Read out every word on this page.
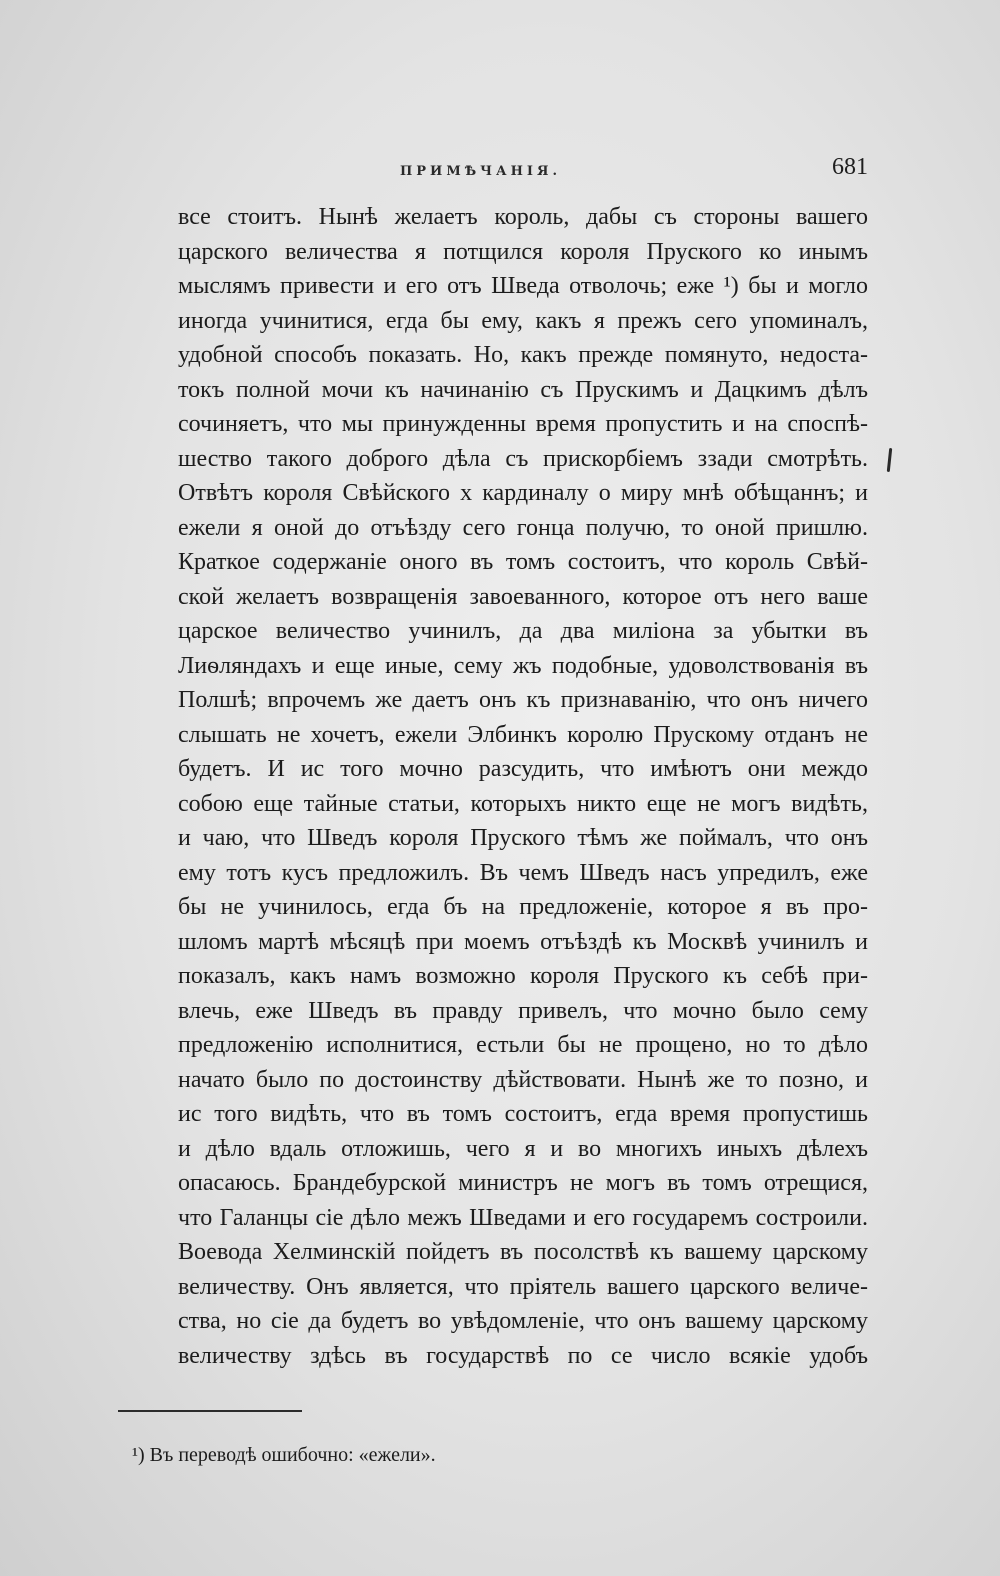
ПРИМѢЧАНІЯ.	681
все стоитъ. Нынѣ желаетъ король, дабы съ стороны вашего
царского величества я потщился короля Пруского ко инымъ
мыслямъ привести и его отъ Шведа отволочь; еже ¹) бы и могло
иногда учинитися, егда бы ему, какъ я прежъ сего упоминалъ,
удобной способъ показать. Но, какъ прежде помянуто, недоста-
токъ полной мочи къ начинанію съ Прускимъ и Дацкимъ дѣлъ
сочиняетъ, что мы принужденны время пропустить и на споспѣ-
шество такого доброго дѣла съ прискорбіемъ ззади смотрѣть.
Отвѣтъ короля Свѣйского х кардиналу о миру мнѣ обѣщаннъ; и
ежели я оной до отъѣзду сего гонца получю, то оной пришлю.
Краткое содержаніе оного въ томъ состоитъ, что король Свѣй-
ской желаетъ возвращенія завоеванного, которое отъ него ваше
царское величество учинилъ, да два миліона за убытки въ
Лиѳляндахъ и еще иные, сему жъ подобные, удоволствованія въ
Полшѣ; впрочемъ же даетъ онъ къ признаванію, что онъ ничего
слышать не хочетъ, ежели Элбинкъ королю Прускому отданъ не
будетъ. И ис того мочно разсудить, что имѣютъ они междо
собою еще тайные статьи, которыхъ никто еще не могъ видѣть,
и чаю, что Шведъ короля Пруского тѣмъ же поймалъ, что онъ
ему тотъ кусъ предложилъ. Въ чемъ Шведъ насъ упредилъ, еже
бы не учинилось, егда бъ на предложеніе, которое я въ про-
шломъ мартѣ мѣсяцѣ при моемъ отъѣздѣ къ Москвѣ учинилъ и
показалъ, какъ намъ возможно короля Пруского къ себѣ при-
влечь, еже Шведъ въ правду привелъ, что мочно было сему
предложенію исполнитися, естьли бы не прощено, но то дѣло
начато было по достоинству дѣйствовати. Нынѣ же то позно, и
ис того видѣть, что въ томъ состоитъ, егда время пропустишь
и дѣло вдаль отложишь, чего я и во многихъ иныхъ дѣлехъ
опасаюсь. Брандебурской министръ не могъ въ томъ отрещися,
что Галанцы сіе дѣло межъ Шведами и его государемъ состроили.
Воевода Хелминскій пойдетъ въ посолствѣ къ вашему царскому
величеству. Онъ является, что пріятель вашего царского величе-
ства, но сіе да будетъ во увѣдомленіе, что онъ вашему царскому
величеству здѣсь въ государствѣ по се число всякіе удобъ
¹) Въ переводѣ ошибочно: «ежели».
